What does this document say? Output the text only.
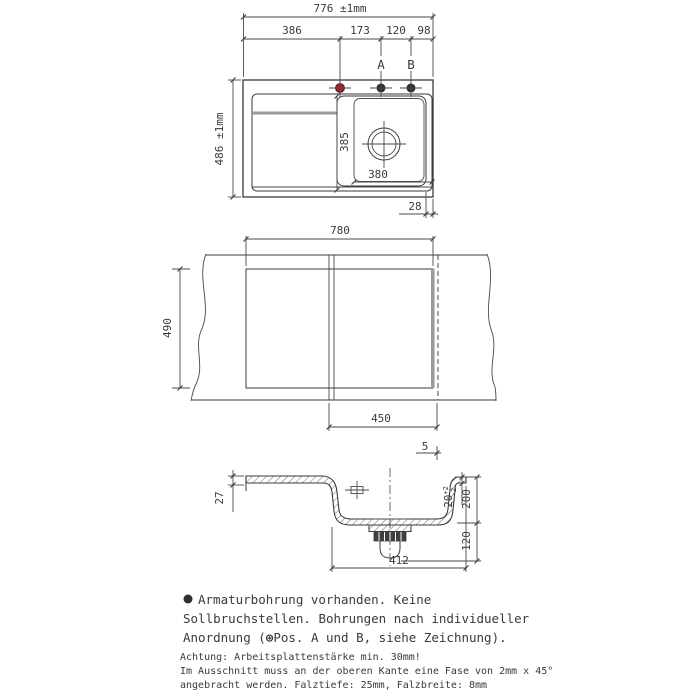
776 ±1mm
386	173 120 98
A B
486 ±1mm	385
380
28
780
490
450
5
27	$20^{+2}-2$ 200
120
412
Armaturbohrung vorhanden. Keine
Sollbruchstellen. Bohrungen nach individueller
Anordnung (⊕Pos. A und B, siehe Zeichnung).
Achtung: Arbeitsplattenstärke min. 30mm!
Im Ausschnitt muss an der oberen Kante eine Fase von 2mm x 45°
angebracht werden. Falztiefe: 25mm, Falzbreite: 8mm
